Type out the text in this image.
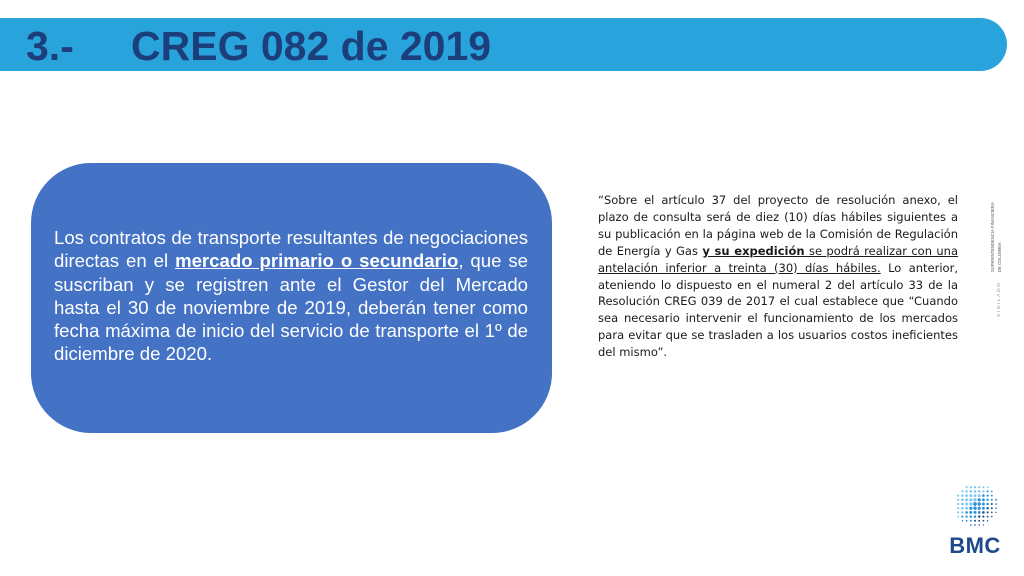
3.- CREG 082 de 2019

Los contratos de transporte resultantes de negociaciones directas en el mercado primario o secundario, que se suscriban y se registren ante el Gestor del Mercado hasta el 30 de noviembre de 2019, deberán tener como fecha máxima de inicio del servicio de transporte el 1º de diciembre de 2020.

“Sobre el artículo 37 del proyecto de resolución anexo, el plazo de consulta será de diez (10) días hábiles siguientes a su publicación en la página web de la Comisión de Regulación de Energía y Gas y su expedición se podrá realizar con una antelación inferior a treinta (30) días hábiles. Lo anterior, ateniendo lo dispuesto en el numeral 2 del artículo 33 de la Resolución CREG 039 de 2017 el cual establece que “Cuando sea necesario intervenir el funcionamiento de los mercados para evitar que se trasladen a los usuarios costos ineficientes del mismo”.

VIGILADO
SUPERINTENDENCIA FINANCIERA DE COLOMBIA
BMC
